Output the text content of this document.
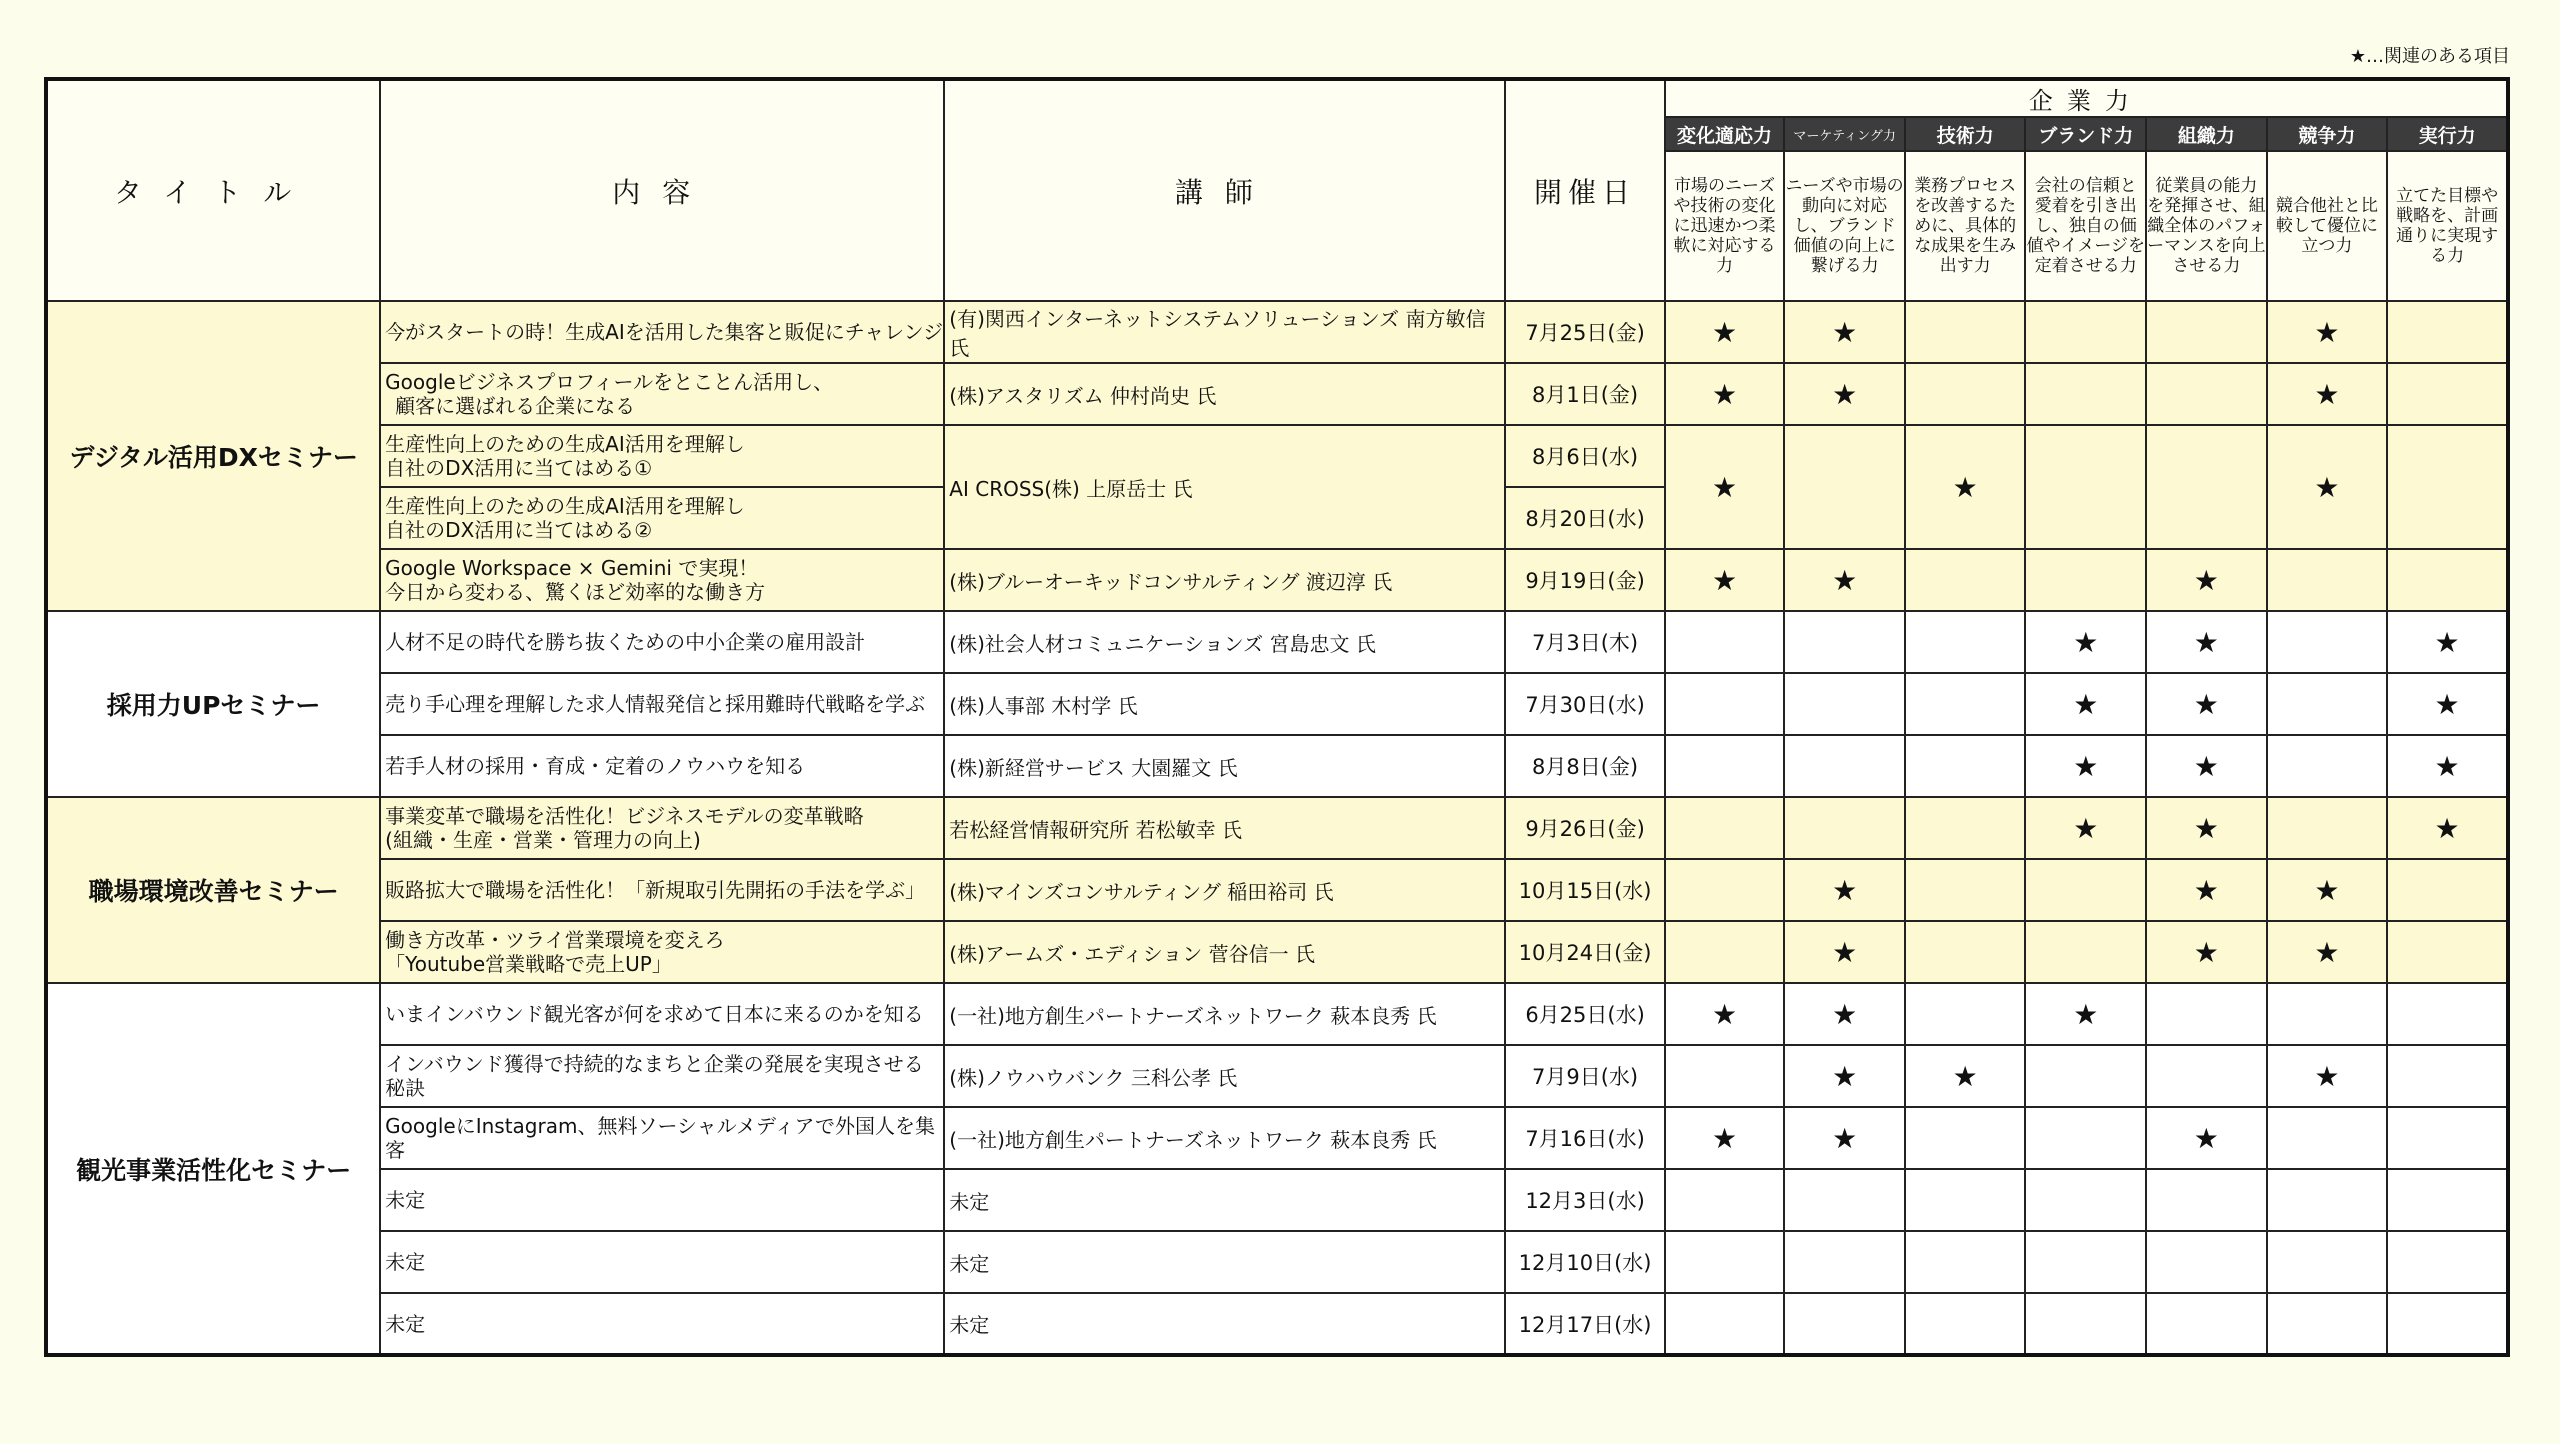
★…関連のある項目
タイトル	内容	講師	開催日	企業力						
				変化適応力	マーケティング力	技術力	ブランド力	組織力	競争力	実行力
				市場のニーズや技術の変化に迅速かつ柔軟に対応する力	ニーズや市場の動向に対応し、ブランド価値の向上に繋げる力	業務プロセスを改善するために、具体的な成果を生み出す力	会社の信頼と愛着を引き出し、独自の価値やイメージを定着させる力	従業員の能力を発揮させ、組織全体のパフォーマンスを向上させる力	競合他社と比較して優位に立つ力	立てた目標や戦略を、計画通りに実現する力
デジタル活用DXセミナー	今がスタートの時！生成AIを活用した集客と販促にチャレンジ	(有)関西インターネットシステムソリューションズ 南方敏信 氏	7月25日(金)	★	★				★	

	Googleビジネスプロフィールをとことん活用し、
顧客に選ばれる企業になる	(株)アスタリズム 仲村尚史 氏	8月1日(金)	★	★				★	

	生産性向上のための生成AI活用を理解し
自社のDX活用に当てはめる①	AI CROSS(株) 上原岳士 氏	8月6日(水)	★		★			★	

	生産性向上のための生成AI活用を理解し
自社のDX活用に当てはめる②		8月20日(水)							

	Google Workspace × Gemini で実現！
今日から変わる、驚くほど効率的な働き方	(株)ブルーオーキッドコンサルティング 渡辺淳 氏	9月19日(金)	★	★			★		
採用力UPセミナー	人材不足の時代を勝ち抜くための中小企業の雇用設計	(株)社会人材コミュニケーションズ 宮島忠文 氏	7月3日(木)				★	★		★

	売り手心理を理解した求人情報発信と採用難時代戦略を学ぶ	(株)人事部 木村学 氏	7月30日(水)				★	★		★

	若手人材の採用・育成・定着のノウハウを知る	(株)新経営サービス 大園羅文 氏	8月8日(金)				★	★		★
職場環境改善セミナー	事業変革で職場を活性化！ビジネスモデルの変革戦略
(組織・生産・営業・管理力の向上)	若松経営情報研究所 若松敏幸 氏	9月26日(金)				★	★		★

	販路拡大で職場を活性化！「新規取引先開拓の手法を学ぶ」	(株)マインズコンサルティング 稲田裕司 氏	10月15日(水)		★			★	★	

	働き方改革・ツライ営業環境を変えろ
「Youtube営業戦略で売上UP」	(株)アームズ・エディション 菅谷信一 氏	10月24日(金)		★			★	★	
観光事業活性化セミナー	いまインバウンド観光客が何を求めて日本に来るのかを知る	(一社)地方創生パートナーズネットワーク 萩本良秀 氏	6月25日(水)	★	★		★			

	インバウンド獲得で持続的なまちと企業の発展を実現させる秘訣	(株)ノウハウバンク 三科公孝 氏	7月9日(水)		★	★			★	

	GoogleにInstagram、無料ソーシャルメディアで外国人を集客	(一社)地方創生パートナーズネットワーク 萩本良秀 氏	7月16日(水)	★	★			★		

	未定	未定	12月3日(水)							

	未定	未定	12月10日(水)							

	未定	未定	12月17日(水)							
